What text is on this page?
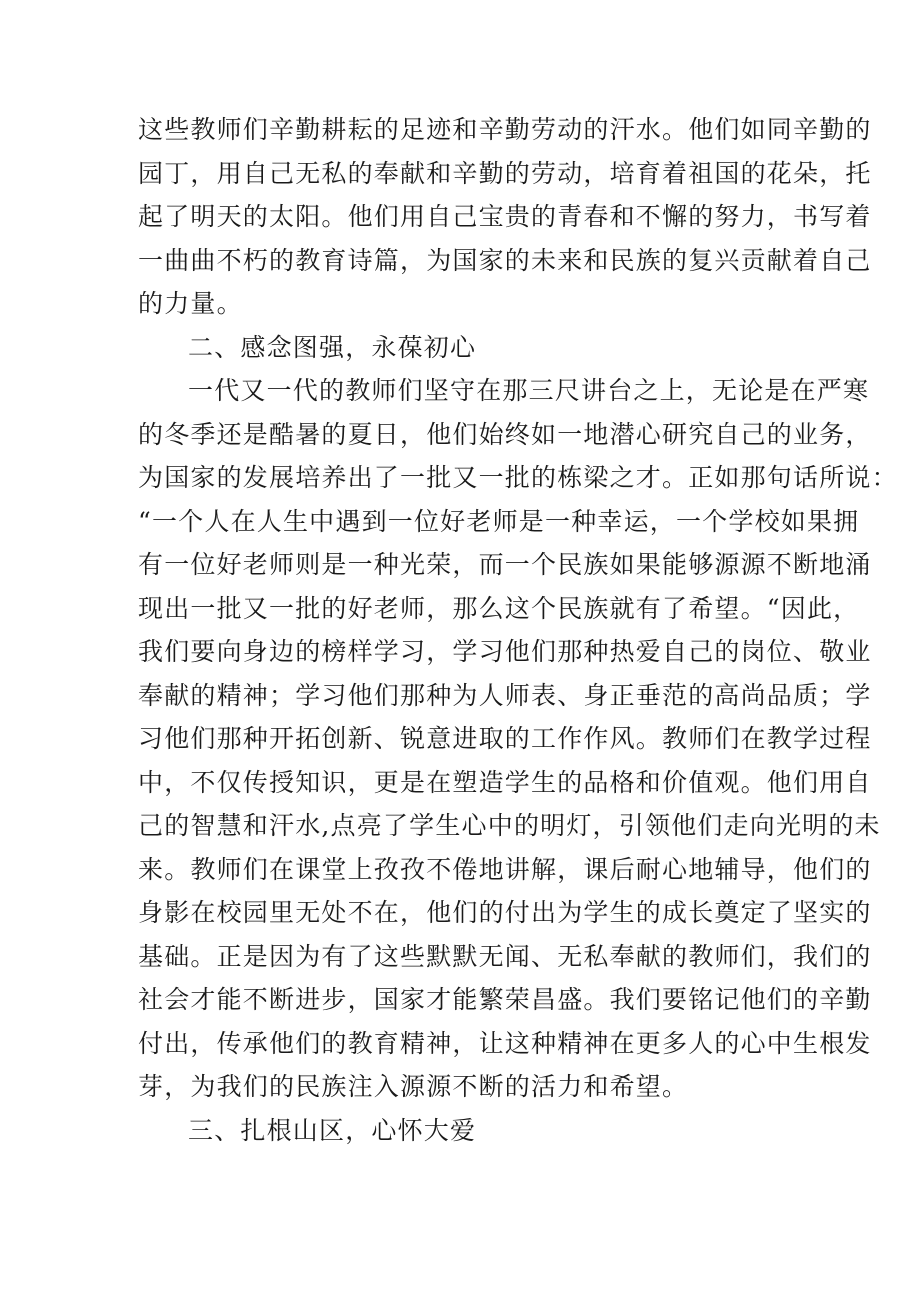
这些教师们辛勤耕耘的足迹和辛勤劳动的汗水。他们如同辛勤的

园丁，用自己无私的奉献和辛勤的劳动，培育着祖国的花朵，托

起了明天的太阳。他们用自己宝贵的青春和不懈的努力，书写着

一曲曲不朽的教育诗篇，为国家的未来和民族的复兴贡献着自己

的力量。

二、感念图强，永葆初心

一代又一代的教师们坚守在那三尺讲台之上，无论是在严寒

的冬季还是酷暑的夏日，他们始终如一地潜心研究自己的业务，

为国家的发展培养出了一批又一批的栋梁之才。正如那句话所说：

“一个人在人生中遇到一位好老师是一种幸运，一个学校如果拥

有一位好老师则是一种光荣，而一个民族如果能够源源不断地涌

现出一批又一批的好老师，那么这个民族就有了希望。“因此，

我们要向身边的榜样学习，学习他们那种热爱自己的岗位、敬业

奉献的精神；学习他们那种为人师表、身正垂范的高尚品质；学

习他们那种开拓创新、锐意进取的工作作风。教师们在教学过程

中，不仅传授知识，更是在塑造学生的品格和价值观。他们用自

己的智慧和汗水,点亮了学生心中的明灯，引领他们走向光明的未

来。教师们在课堂上孜孜不倦地讲解，课后耐心地辅导，他们的

身影在校园里无处不在，他们的付出为学生的成长奠定了坚实的

基础。正是因为有了这些默默无闻、无私奉献的教师们，我们的

社会才能不断进步，国家才能繁荣昌盛。我们要铭记他们的辛勤

付出，传承他们的教育精神，让这种精神在更多人的心中生根发

芽，为我们的民族注入源源不断的活力和希望。

三、扎根山区，心怀大爱
